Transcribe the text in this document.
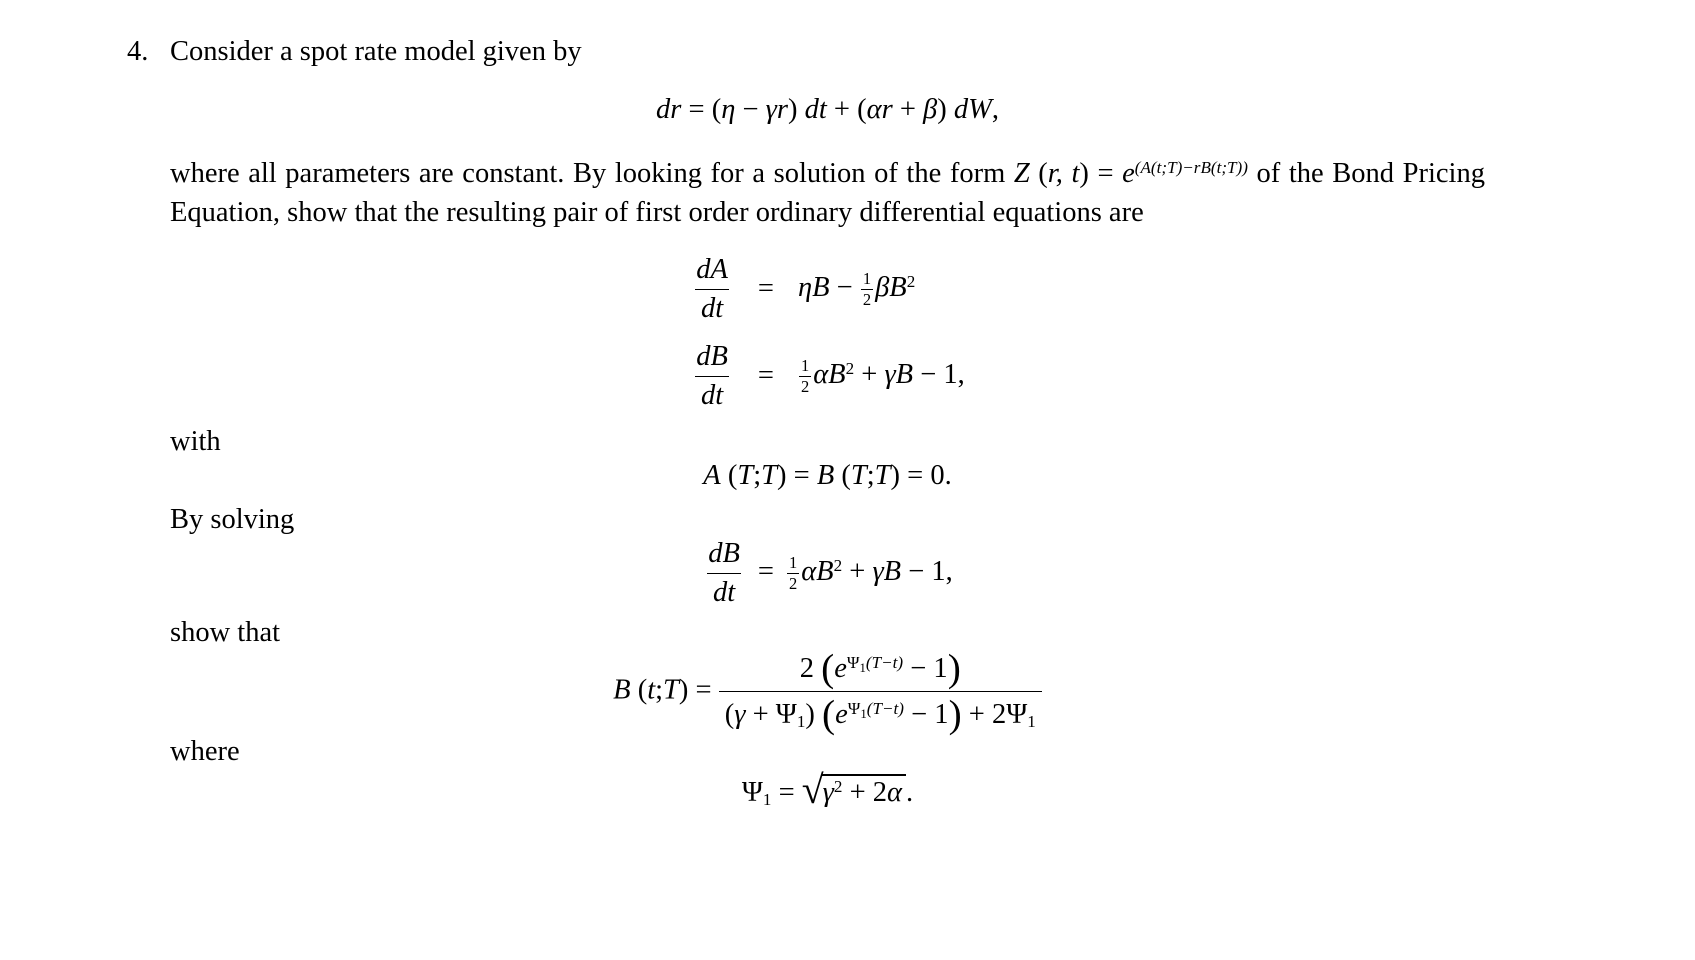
4. Consider a spot rate model given by
dr = (η − γr) dt + (αr + β) dW,

where all parameters are constant. By looking for a solution of the form Z (r, $t) = e^{(A(t;T)-rB(t;T))}$ of the Bond Pricing Equation, show that the resulting pair of first order ordinary differential equations are

$\frac{dA}{dt} = \eta B - \frac{1}{2} \beta B^2$
$\frac{dB}{dt} = \frac{1}{2} \alpha B^2 + \gamma B - 1$,

with

A (T;T) = B (T;T) = 0.

By solving

$\frac{dB}{dt} = \frac{1}{2} \alpha B^2 + \gamma B - 1$,

show that

B (t;T) = $\frac{2 (e^{\Psi_1(T-t)} - 1)}{(\gamma + \Psi_1) (e^{\Psi_1(T-t)} - 1) + 2\Psi_1}$

where

$\Psi_1 = √\gamma^2 + 2\alpha$ .
